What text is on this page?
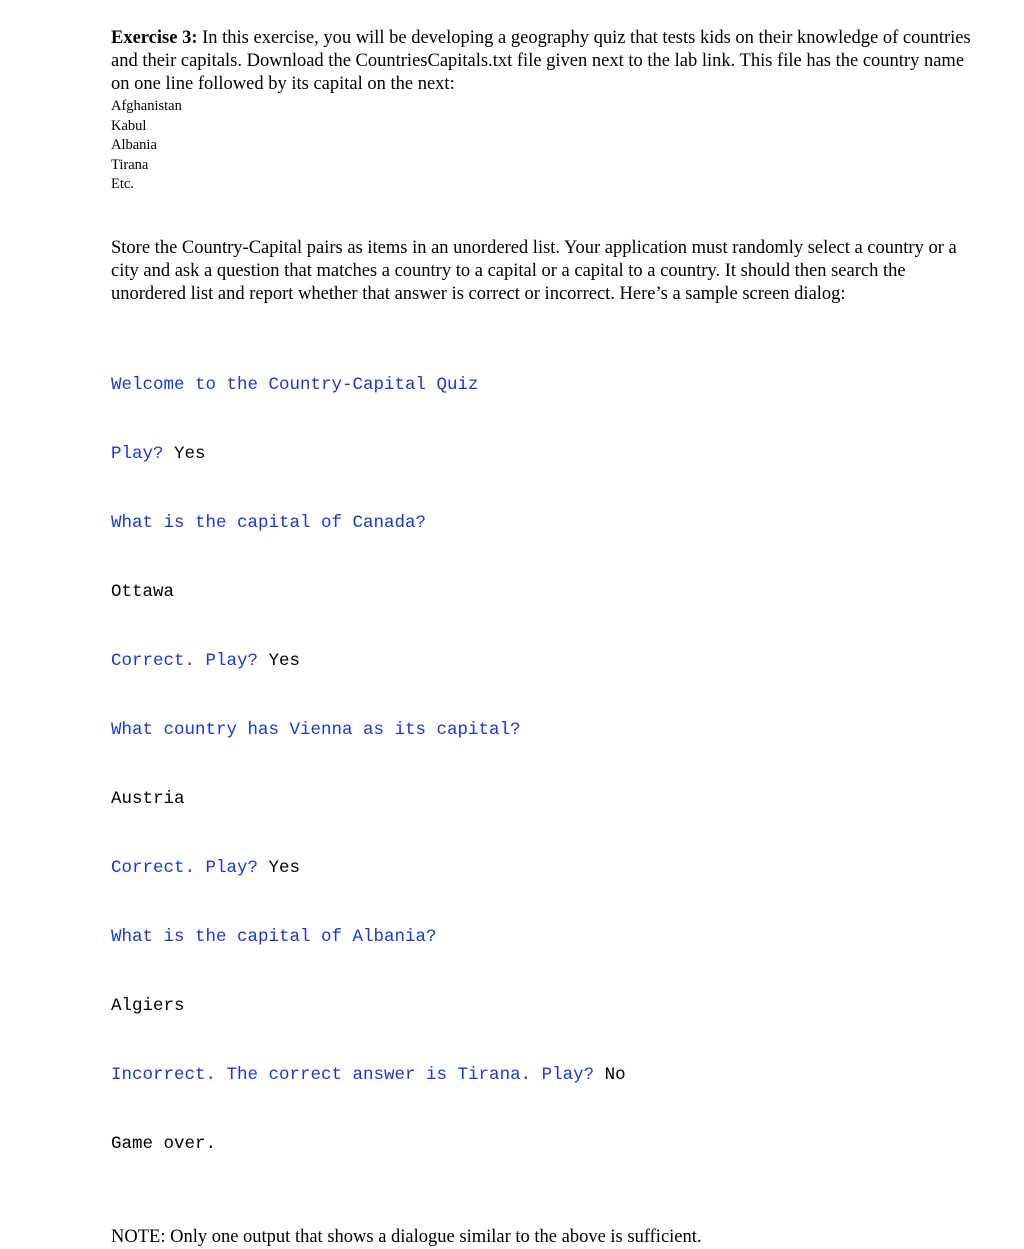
Exercise 3: In this exercise, you will be developing a geography quiz that tests kids on their knowledge of countries and their capitals. Download the CountriesCapitals.txt file given next to the lab link. This file has the country name on one line followed by its capital on the next:

Afghanistan
Kabul
Albania
Tirana
Etc.

Store the Country-Capital pairs as items in an unordered list. Your application must randomly select a country or a city and ask a question that matches a country to a capital or a capital to a country. It should then search the unordered list and report whether that answer is correct or incorrect. Here’s a sample screen dialog:

Welcome to the Country-Capital Quiz

Play? Yes

What is the capital of Canada?

Ottawa

Correct. Play? Yes

What country has Vienna as its capital?

Austria

Correct. Play? Yes

What is the capital of Albania?

Algiers

Incorrect. The correct answer is Tirana. Play? No

Game over.

NOTE: Only one output that shows a dialogue similar to the above is sufficient.
